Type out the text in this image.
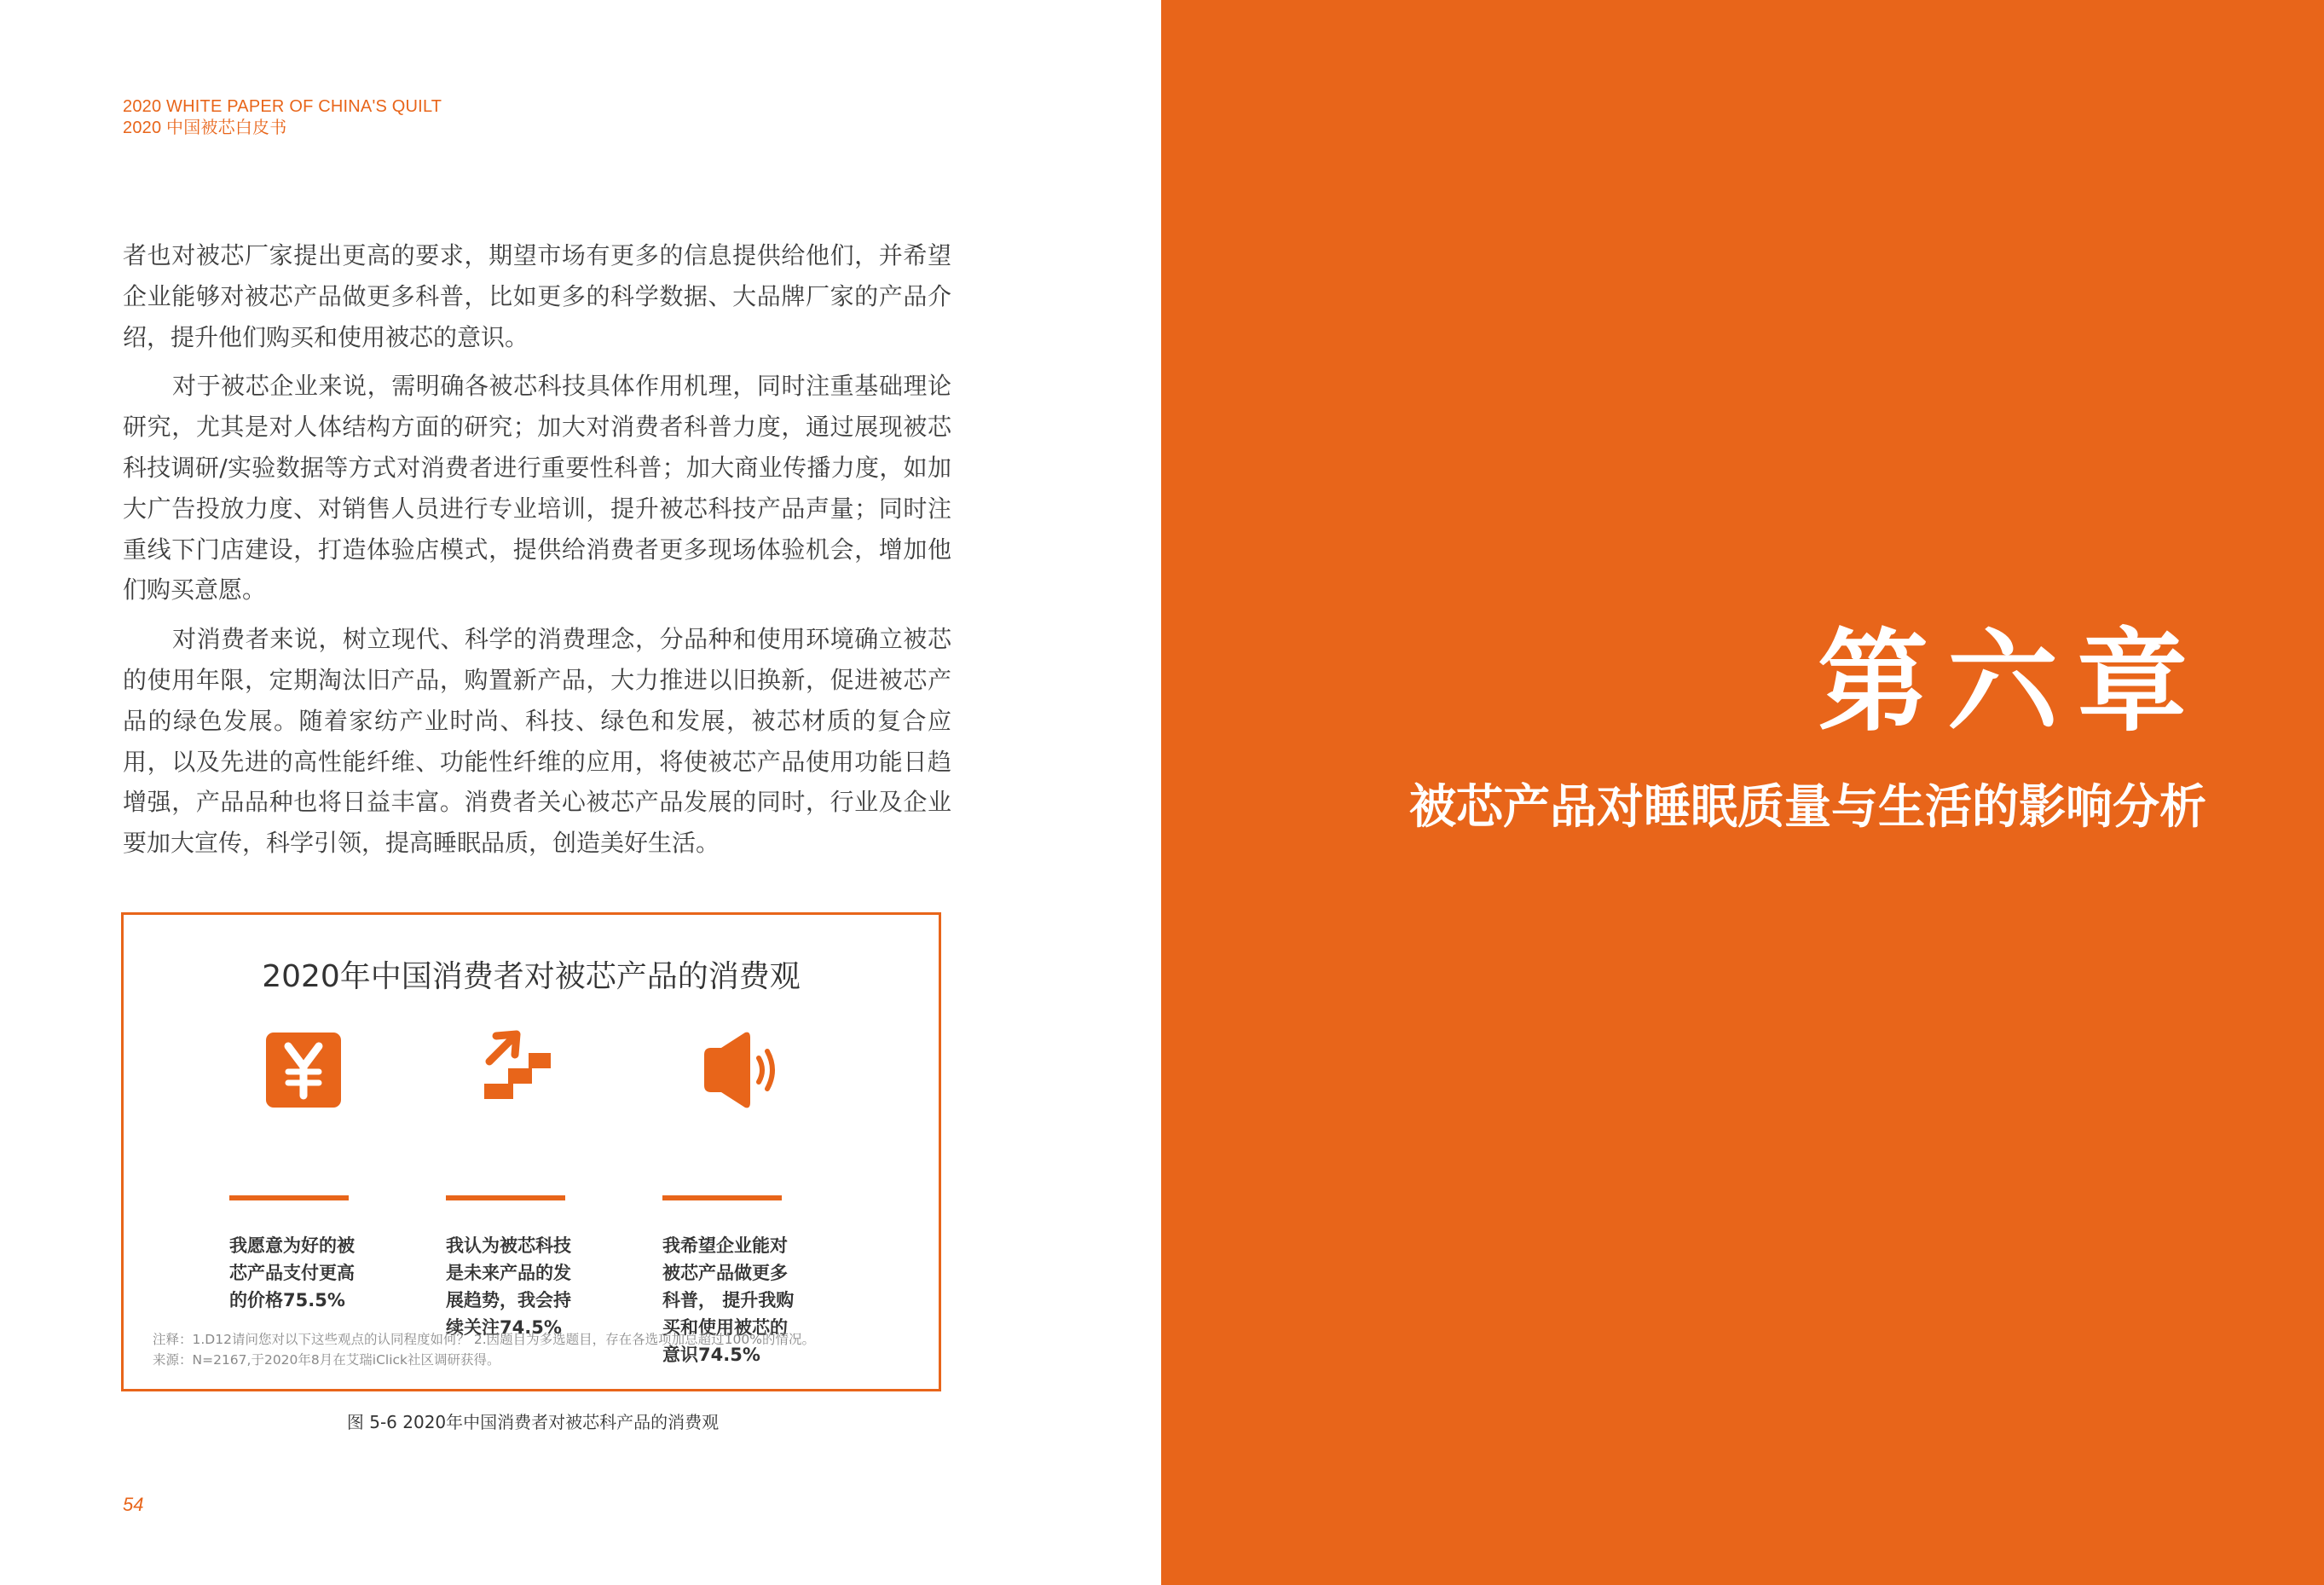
2020 WHITE PAPER OF CHINA'S QUILT
2020 中国被芯白皮书

者也对被芯厂家提出更高的要求，期望市场有更多的信息提供给他们，并希望企业能够对被芯产品做更多科普，比如更多的科学数据、大品牌厂家的产品介绍，提升他们购买和使用被芯的意识。

对于被芯企业来说，需明确各被芯科技具体作用机理，同时注重基础理论研究，尤其是对人体结构方面的研究；加大对消费者科普力度，通过展现被芯科技调研/实验数据等方式对消费者进行重要性科普；加大商业传播力度，如加大广告投放力度、对销售人员进行专业培训，提升被芯科技产品声量；同时注重线下门店建设，打造体验店模式，提供给消费者更多现场体验机会，增加他们购买意愿。

对消费者来说，树立现代、科学的消费理念，分品种和使用环境确立被芯的使用年限，定期淘汰旧产品，购置新产品，大力推进以旧换新，促进被芯产品的绿色发展。随着家纺产业时尚、科技、绿色和发展，被芯材质的复合应用，以及先进的高性能纤维、功能性纤维的应用，将使被芯产品使用功能日趋增强，产品品种也将日益丰富。消费者关心被芯产品发展的同时，行业及企业要加大宣传，科学引领，提高睡眠品质，创造美好生活。

2020年中国消费者对被芯产品的消费观
我愿意为好的被
芯产品支付更高
的价格75.5%
我认为被芯科技
是未来产品的发
展趋势，我会持
续关注74.5%
我希望企业能对
被芯产品做更多
科普， 提升我购
买和使用被芯的
意识74.5%
注释：1.D12请问您对以下这些观点的认同程度如何？ 2.因题目为多选题目，存在各选项加总超过100%的情况。
来源：N=2167,于2020年8月在艾瑞iClick社区调研获得。
图 5-6 2020年中国消费者对被芯科产品的消费观
54
第六章
被芯产品对睡眠质量与生活的影响分析
